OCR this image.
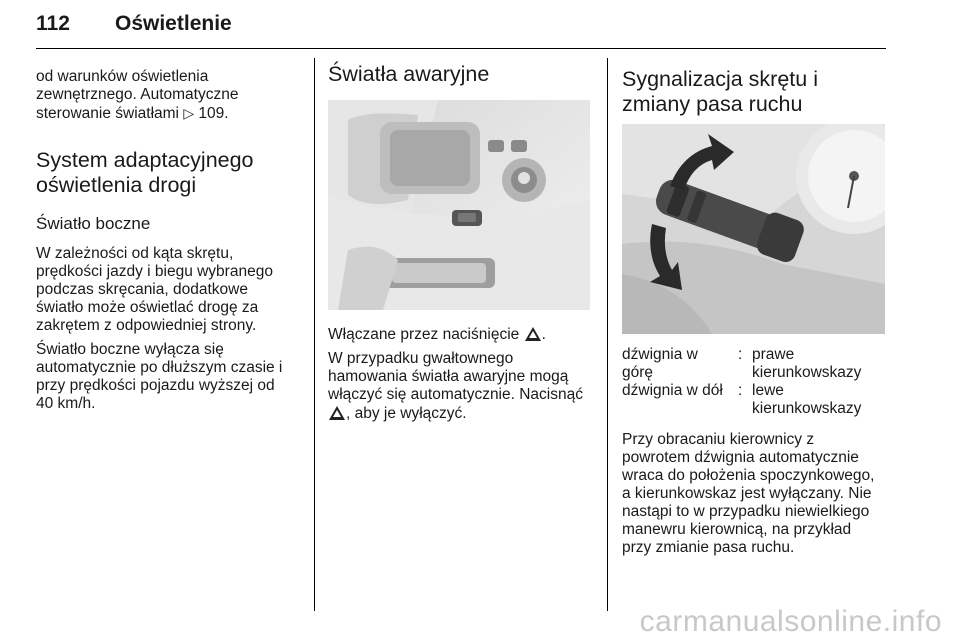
112 Oświetlenie

od warunków oświetlenia

zewnętrznego. Automatyczne

sterowanie światłami ▷ 109.

System adaptacyjnego
oświetlenia drogi
Światło boczne

W zależności od kąta skrętu,

prędkości jazdy i biegu wybranego

podczas skręcania, dodatkowe

światło może oświetlać drogę za

zakrętem z odpowiedniej strony.

Światło boczne wyłącza się

automatycznie po dłuższym czasie i

przy prędkości pojazdu wyższej od

40 km/h.

Światła awaryjne

Włączane przez naciśnięcie .

W przypadku gwałtownego

hamowania światła awaryjne mogą

włączyć się automatycznie. Nacisnąć

, aby je wyłączyć.

Sygnalizacja skrętu i
zmiany pasa ruchu
dźwignia w
górę	:	prawe
kierunkowskazy
dźwignia w dół	:	lewe
kierunkowskazy

Przy obracaniu kierownicy z

powrotem dźwignia automatycznie

wraca do położenia spoczynkowego,

a kierunkowskaz jest wyłączany. Nie

nastąpi to w przypadku niewielkiego

manewru kierownicą, na przykład

przy zmianie pasa ruchu.

carmanualsonline.info
